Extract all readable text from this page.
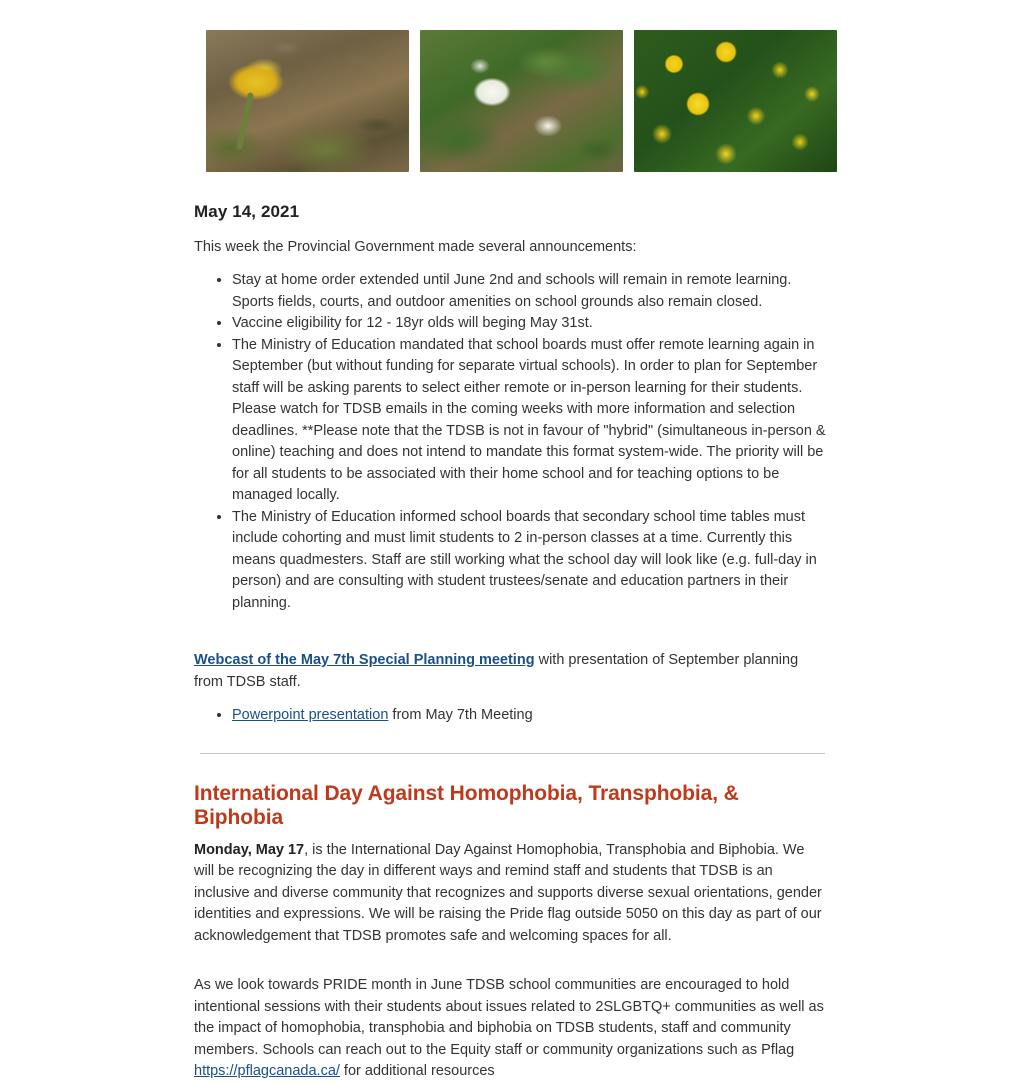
May 14, 2021

This week the Provincial Government made several announcements:

• Stay at home order extended until June 2nd and schools will remain in remote learning. Sports fields, courts, and outdoor amenities on school grounds also remain closed.
• Vaccine eligibility for 12 - 18yr olds will beging May 31st.
• The Ministry of Education mandated that school boards must offer remote learning again in September (but without funding for separate virtual schools). In order to plan for September staff will be asking parents to select either remote or in-person learning for their students. Please watch for TDSB emails in the coming weeks with more information and selection deadlines. **Please note that the TDSB is not in favour of "hybrid" (simultaneous in-person & online) teaching and does not intend to mandate this format system-wide. The priority will be for all students to be associated with their home school and for teaching options to be managed locally.
• The Ministry of Education informed school boards that secondary school time tables must include cohorting and must limit students to 2 in-person classes at a time. Currently this means quadmesters. Staff are still working what the school day will look like (e.g. full-day in person) and are consulting with student trustees/senate and education partners in their planning.

Webcast of the May 7th Special Planning meeting with presentation of September planning from TDSB staff.

• Powerpoint presentation from May 7th Meeting
International Day Against Homophobia, Transphobia, & Biphobia

Monday, May 17, is the International Day Against Homophobia, Transphobia and Biphobia. We will be recognizing the day in different ways and remind staff and students that TDSB is an inclusive and diverse community that recognizes and supports diverse sexual orientations, gender identities and expressions. We will be raising the Pride flag outside 5050 on this day as part of our acknowledgement that TDSB promotes safe and welcoming spaces for all.

As we look towards PRIDE month in June TDSB school communities are encouraged to hold intentional sessions with their students about issues related to 2SLGBTQ+ communities as well as the impact of homophobia, transphobia and biphobia on TDSB students, staff and community members. Schools can reach out to the Equity staff or community organizations such as Pflag https://pflagcanada.ca/ for additional resources
